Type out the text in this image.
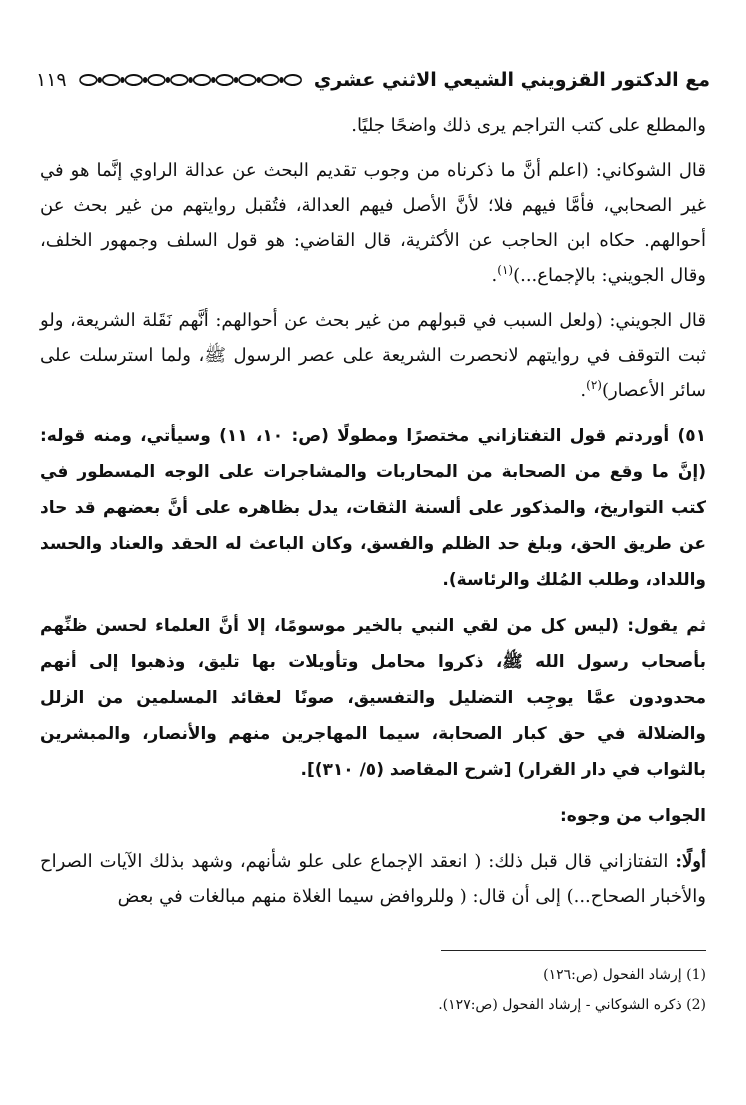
مع الدكتور القزويني الشيعي الاثني عشري
١١٩

والمطلع على كتب التراجم يرى ذلك واضحًا جليًا.

قال الشوكاني: (اعلم أنَّ ما ذكرناه من وجوب تقديم البحث عن عدالة الراوي إنَّما هو في غير الصحابي، فأمَّا فيهم فلا؛ لأنَّ الأصل فيهم العدالة، فتُقبل روايتهم من غير بحث عن أحوالهم. حكاه ابن الحاجب عن الأكثرية، قال القاضي: هو قول السلف وجمهور الخلف، وقال الجويني: بالإجماع...)$^{(١)}$.

قال الجويني: (ولعل السبب في قبولهم من غير بحث عن أحوالهم: أنَّهم نَقَلة الشريعة، ولو ثبت التوقف في روايتهم لانحصرت الشريعة على عصر الرسول ﷺ، ولما استرسلت على سائر الأعصار)$^{(٢)}$.

٥١) أوردتم قول التفتازاني مختصرًا ومطولًا (ص: ١٠، ١١) وسيأتي، ومنه قوله: (إنَّ ما وقع من الصحابة من المحاربات والمشاجرات على الوجه المسطور في كتب التواريخ، والمذكور على ألسنة الثقات، يدل بظاهره على أنَّ بعضهم قد حاد عن طريق الحق، وبلغ حد الظلم والفسق، وكان الباعث له الحقد والعناد والحسد واللداد، وطلب المُلك والرئاسة).

ثم يقول: (ليس كل من لقي النبي بالخير موسومًا، إلا أنَّ العلماء لحسن ظنِّهم بأصحاب رسول الله ﷺ، ذكروا محامل وتأويلات بها تليق، وذهبوا إلى أنهم محدودون عمَّا يوجِب التضليل والتفسيق، صونًا لعقائد المسلمين من الزلل والضلالة في حق كبار الصحابة، سيما المهاجرين منهم والأنصار، والمبشرين بالثواب في دار القرار) [شرح المقاصد (٥/ ٣١٠)].

الجواب من وجوه:

أولًا: التفتازاني قال قبل ذلك: ( انعقد الإجماع على علو شأنهم، وشهد بذلك الآيات الصراح والأخبار الصحاح...) إلى أن قال: ( وللروافض سيما الغلاة منهم مبالغات في بعض

(1) إرشاد الفحول (ص:١٢٦)
(2) ذكره الشوكاني - إرشاد الفحول (ص:١٢٧).
